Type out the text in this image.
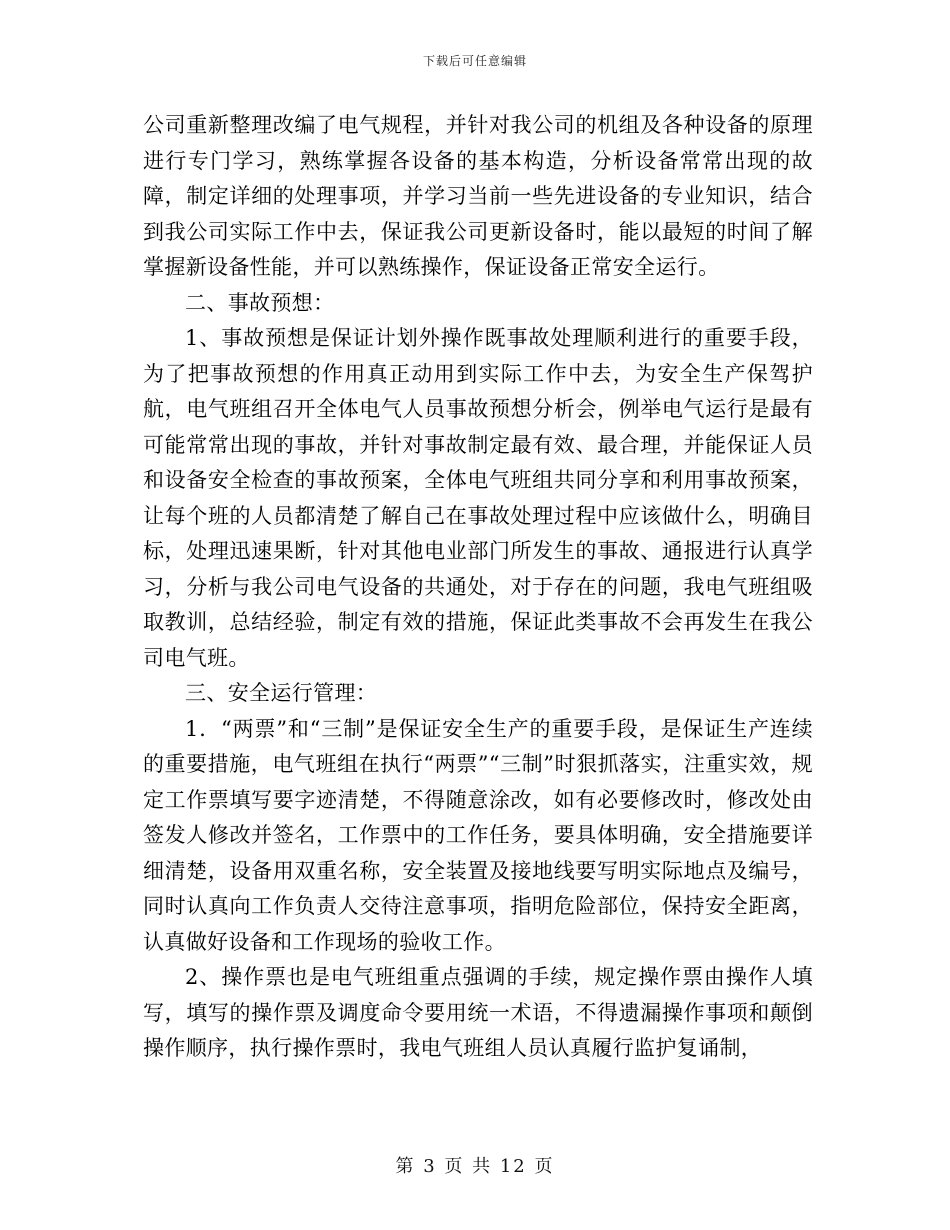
下载后可任意编辑

公司重新整理改编了电气规程，并针对我公司的机组及各种设备的原理进行专门学习，熟练掌握各设备的基本构造，分析设备常常出现的故障，制定详细的处理事项，并学习当前一些先进设备的专业知识，结合到我公司实际工作中去，保证我公司更新设备时，能以最短的时间了解掌握新设备性能，并可以熟练操作，保证设备正常安全运行。

二、事故预想：

1、事故预想是保证计划外操作既事故处理顺利进行的重要手段，为了把事故预想的作用真正动用到实际工作中去，为安全生产保驾护航，电气班组召开全体电气人员事故预想分析会，例举电气运行是最有可能常常出现的事故，并针对事故制定最有效、最合理，并能保证人员和设备安全检查的事故预案，全体电气班组共同分享和利用事故预案，让每个班的人员都清楚了解自己在事故处理过程中应该做什么，明确目标，处理迅速果断，针对其他电业部门所发生的事故、通报进行认真学习，分析与我公司电气设备的共通处，对于存在的问题，我电气班组吸取教训，总结经验，制定有效的措施，保证此类事故不会再发生在我公司电气班。

三、安全运行管理：

1．“两票”和“三制”是保证安全生产的重要手段，是保证生产连续的重要措施，电气班组在执行“两票”“三制”时狠抓落实，注重实效，规定工作票填写要字迹清楚，不得随意涂改，如有必要修改时，修改处由签发人修改并签名，工作票中的工作任务，要具体明确，安全措施要详细清楚，设备用双重名称，安全装置及接地线要写明实际地点及编号，同时认真向工作负责人交待注意事项，指明危险部位，保持安全距离，认真做好设备和工作现场的验收工作。

2、操作票也是电气班组重点强调的手续，规定操作票由操作人填写，填写的操作票及调度命令要用统一术语，不得遗漏操作事项和颠倒操作顺序，执行操作票时，我电气班组人员认真履行监护复诵制，

第 3 页 共 12 页
